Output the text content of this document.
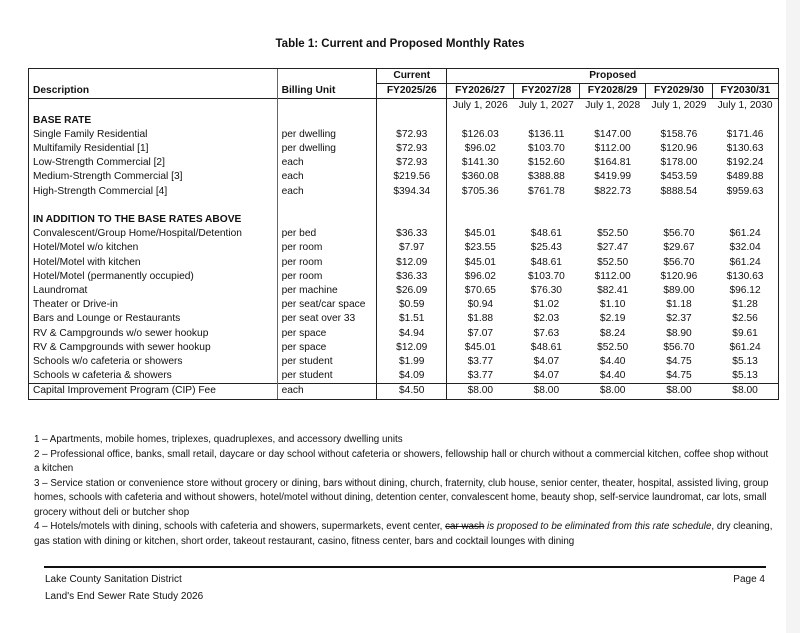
Table 1: Current and Proposed Monthly Rates
Description	Billing Unit	Current	Proposed				
		FY2025/26	FY2026/27	FY2027/28	FY2028/29	FY2029/30	FY2030/31
			July 1, 2026	July 1, 2027	July 1, 2028	July 1, 2029	July 1, 2030
BASE RATE							
Single Family Residential	per dwelling	$72.93	$126.03	$136.11	$147.00	$158.76	$171.46
Multifamily Residential [1]	per dwelling	$72.93	$96.02	$103.70	$112.00	$120.96	$130.63
Low-Strength Commercial [2]	each	$72.93	$141.30	$152.60	$164.81	$178.00	$192.24
Medium-Strength Commercial [3]	each	$219.56	$360.08	$388.88	$419.99	$453.59	$489.88
High-Strength Commercial [4]	each	$394.34	$705.36	$761.78	$822.73	$888.54	$959.63

IN ADDITION TO THE BASE RATES ABOVE							
Convalescent/Group Home/Hospital/Detention	per bed	$36.33	$45.01	$48.61	$52.50	$56.70	$61.24
Hotel/Motel w/o kitchen	per room	$7.97	$23.55	$25.43	$27.47	$29.67	$32.04
Hotel/Motel with kitchen	per room	$12.09	$45.01	$48.61	$52.50	$56.70	$61.24
Hotel/Motel (permanently occupied)	per room	$36.33	$96.02	$103.70	$112.00	$120.96	$130.63
Laundromat	per machine	$26.09	$70.65	$76.30	$82.41	$89.00	$96.12
Theater or Drive-in	per seat/car space	$0.59	$0.94	$1.02	$1.10	$1.18	$1.28
Bars and Lounge or Restaurants	per seat over 33	$1.51	$1.88	$2.03	$2.19	$2.37	$2.56
RV & Campgrounds w/o sewer hookup	per space	$4.94	$7.07	$7.63	$8.24	$8.90	$9.61
RV & Campgrounds with sewer hookup	per space	$12.09	$45.01	$48.61	$52.50	$56.70	$61.24
Schools w/o cafeteria or showers	per student	$1.99	$3.77	$4.07	$4.40	$4.75	$5.13
Schools w cafeteria & showers	per student	$4.09	$3.77	$4.07	$4.40	$4.75	$5.13
Capital Improvement Program (CIP) Fee	each	$4.50	$8.00	$8.00	$8.00	$8.00	$8.00

1 – Apartments, mobile homes, triplexes, quadruplexes, and accessory dwelling units

2 – Professional office, banks, small retail, daycare or day school without cafeteria or showers, fellowship hall or church without a commercial kitchen, coffee shop without a kitchen

3 – Service station or convenience store without grocery or dining, bars without dining, church, fraternity, club house, senior center, theater, hospital, assisted living, group homes, schools with cafeteria and without showers, hotel/motel without dining, detention center, convalescent home, beauty shop, self-service laundromat, car lots, small grocery without deli or butcher shop

4 – Hotels/motels with dining, schools with cafeteria and showers, supermarkets, event center, car wash is proposed to be eliminated from this rate schedule, dry cleaning, gas station with dining or kitchen, short order, takeout restaurant, casino, fitness center, bars and cocktail lounges with dining

Lake County Sanitation District
Land's End Sewer Rate Study 2026
Page 4
